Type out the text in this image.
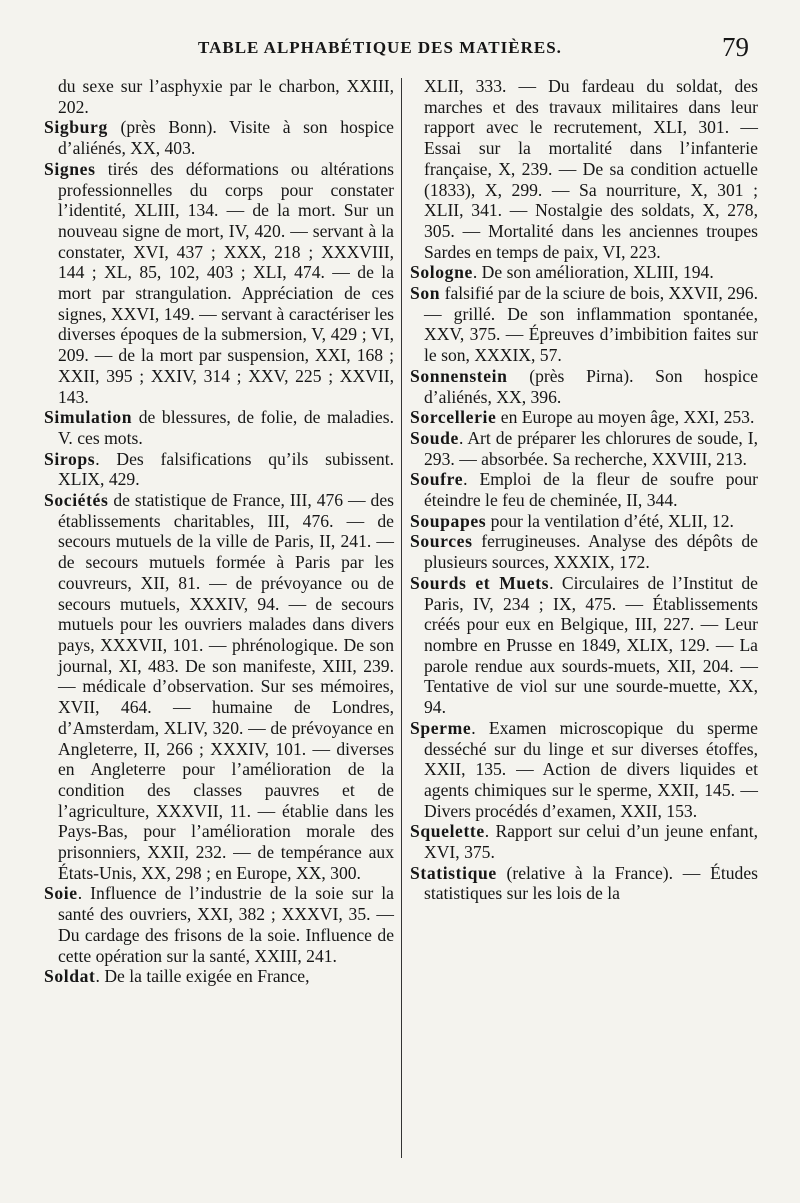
TABLE ALPHABÉTIQUE DES MATIÈRES.	79

du sexe sur l’asphyxie par le charbon, XXIII, 202.

Sigburg (près Bonn). Visite à son hospice d’aliénés, XX, 403.

Signes tirés des déformations ou altérations professionnelles du corps pour constater l’identité, XLIII, 134. — de la mort. Sur un nouveau signe de mort, IV, 420. — servant à la constater, XVI, 437 ; XXX, 218 ; XXXVIII, 144 ; XL, 85, 102, 403 ; XLI, 474. — de la mort par strangulation. Appréciation de ces signes, XXVI, 149. — servant à caractériser les diverses époques de la submersion, V, 429 ; VI, 209. — de la mort par suspension, XXI, 168 ; XXII, 395 ; XXIV, 314 ; XXV, 225 ; XXVII, 143.

Simulation de blessures, de folie, de maladies. V. ces mots.

Sirops. Des falsifications qu’ils subissent. XLIX, 429.

Sociétés de statistique de France, III, 476 — des établissements charitables, III, 476. — de secours mutuels de la ville de Paris, II, 241. — de secours mutuels formée à Paris par les couvreurs, XII, 81. — de prévoyance ou de secours mutuels, XXXIV, 94. — de secours mutuels pour les ouvriers malades dans divers pays, XXXVII, 101. — phrénologique. De son journal, XI, 483. De son manifeste, XIII, 239. — médicale d’observation. Sur ses mémoires, XVII, 464. — humaine de Londres, d’Amsterdam, XLIV, 320. — de prévoyance en Angleterre, II, 266 ; XXXIV, 101. — diverses en Angleterre pour l’amélioration de la condition des classes pauvres et de l’agriculture, XXXVII, 11. — établie dans les Pays-Bas, pour l’amélioration morale des prisonniers, XXII, 232. — de tempérance aux États-Unis, XX, 298 ; en Europe, XX, 300.

Soie. Influence de l’industrie de la soie sur la santé des ouvriers, XXI, 382 ; XXXVI, 35. — Du cardage des frisons de la soie. Influence de cette opération sur la santé, XXIII, 241.

Soldat. De la taille exigée en France,

XLII, 333. — Du fardeau du soldat, des marches et des travaux militaires dans leur rapport avec le recrutement, XLI, 301. — Essai sur la mortalité dans l’infanterie française, X, 239. — De sa condition actuelle (1833), X, 299. — Sa nourriture, X, 301 ; XLII, 341. — Nostalgie des soldats, X, 278, 305. — Mortalité dans les anciennes troupes Sardes en temps de paix, VI, 223.

Sologne. De son amélioration, XLIII, 194.

Son falsifié par de la sciure de bois, XXVII, 296. — grillé. De son inflammation spontanée, XXV, 375. — Épreuves d’imbibition faites sur le son, XXXIX, 57.

Sonnenstein (près Pirna). Son hospice d’aliénés, XX, 396.

Sorcellerie en Europe au moyen âge, XXI, 253.

Soude. Art de préparer les chlorures de soude, I, 293. — absorbée. Sa recherche, XXVIII, 213.

Soufre. Emploi de la fleur de soufre pour éteindre le feu de cheminée, II, 344.

Soupapes pour la ventilation d’été, XLII, 12.

Sources ferrugineuses. Analyse des dépôts de plusieurs sources, XXXIX, 172.

Sourds et Muets. Circulaires de l’Institut de Paris, IV, 234 ; IX, 475. — Établissements créés pour eux en Belgique, III, 227. — Leur nombre en Prusse en 1849, XLIX, 129. — La parole rendue aux sourds-muets, XII, 204. — Tentative de viol sur une sourde-muette, XX, 94.

Sperme. Examen microscopique du sperme desséché sur du linge et sur diverses étoffes, XXII, 135. — Action de divers liquides et agents chimiques sur le sperme, XXII, 145. — Divers procédés d’examen, XXII, 153.

Squelette. Rapport sur celui d’un jeune enfant, XVI, 375.

Statistique (relative à la France). — Études statistiques sur les lois de la
